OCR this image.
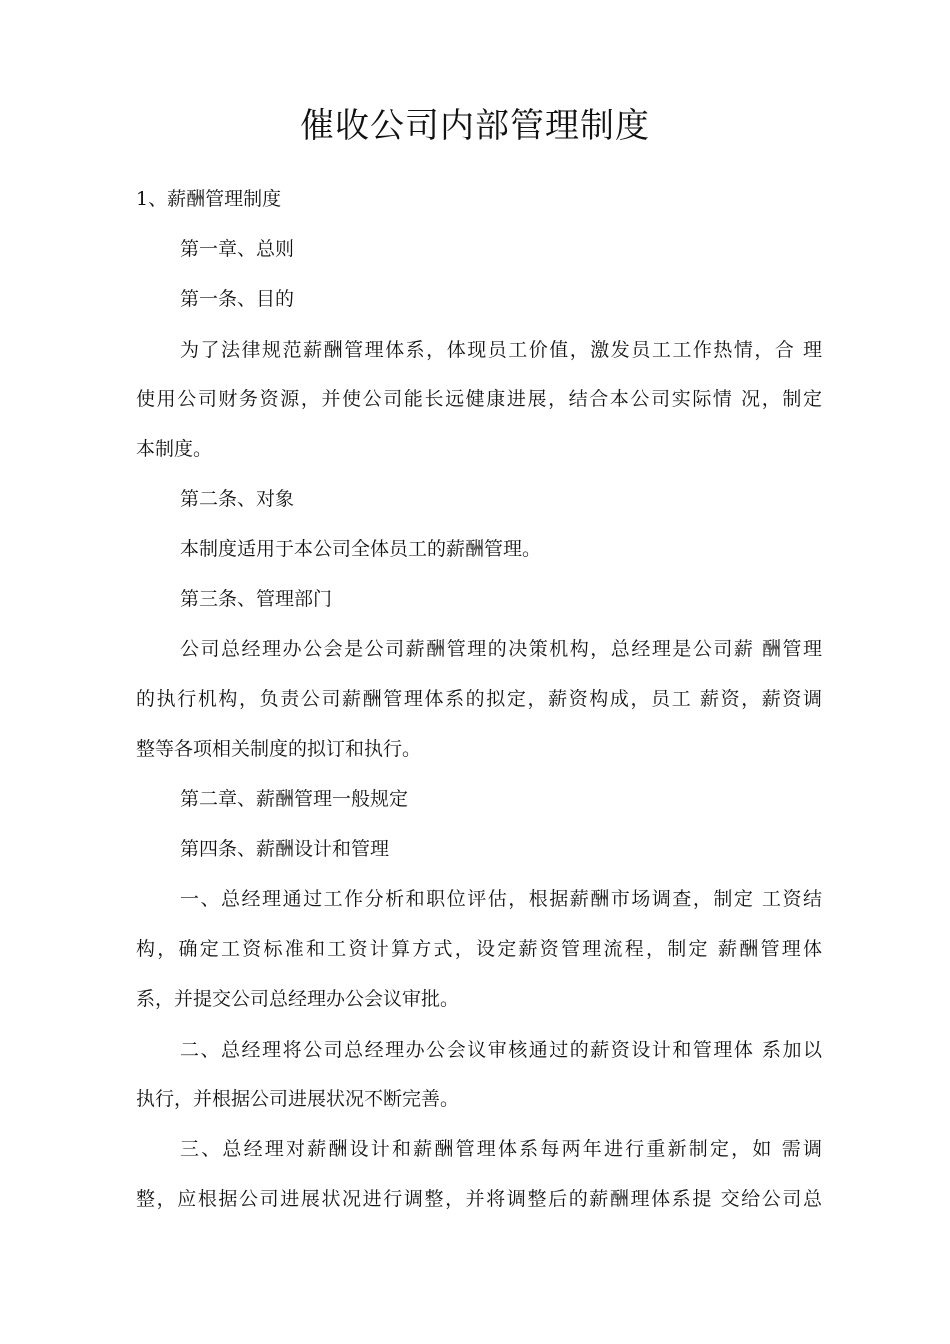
催收公司内部管理制度

1、薪酬管理制度

第一章、总则

第一条、目的

为了法律规范薪酬管理体系，体现员工价值，激发员工工作热情，合 理

使用公司财务资源，并使公司能长远健康进展，结合本公司实际情 况，制定

本制度。

第二条、对象

本制度适用于本公司全体员工的薪酬管理。

第三条、管理部门

公司总经理办公会是公司薪酬管理的决策机构，总经理是公司薪 酬管理

的执行机构，负责公司薪酬管理体系的拟定，薪资构成，员工 薪资，薪资调

整等各项相关制度的拟订和执行。

第二章、薪酬管理一般规定

第四条、薪酬设计和管理

一、总经理通过工作分析和职位评估，根据薪酬市场调查，制定 工资结

构，确定工资标准和工资计算方式，设定薪资管理流程，制定 薪酬管理体

系，并提交公司总经理办公会议审批。

二、总经理将公司总经理办公会议审核通过的薪资设计和管理体 系加以

执行，并根据公司进展状况不断完善。

三、总经理对薪酬设计和薪酬管理体系每两年进行重新制定，如 需调

整，应根据公司进展状况进行调整，并将调整后的薪酬理体系提 交给公司总
